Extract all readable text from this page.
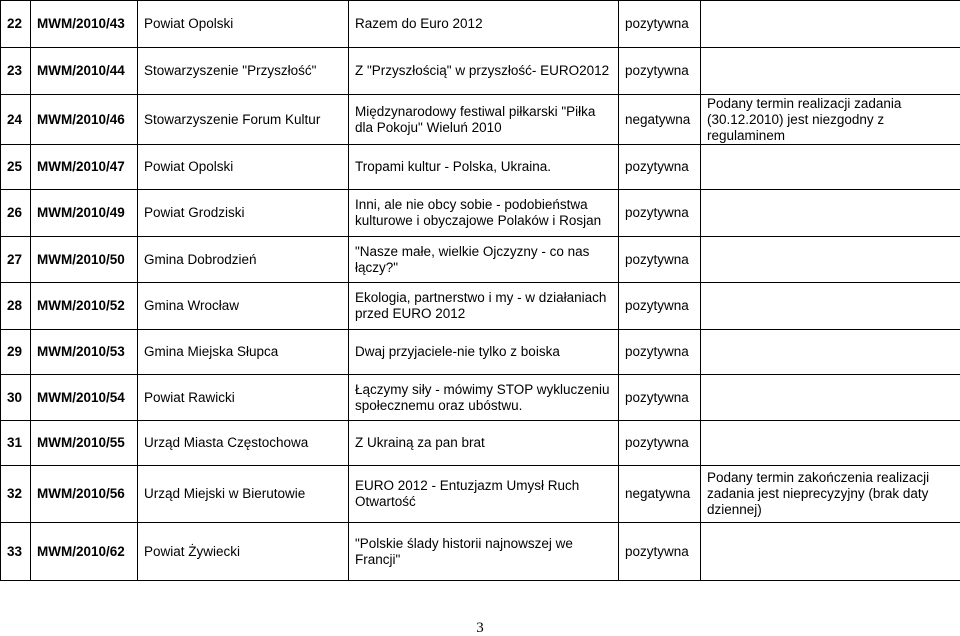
22	MWM/2010/43	Powiat Opolski	Razem do Euro 2012	pozytywna	
23	MWM/2010/44	Stowarzyszenie "Przyszłość"	Z "Przyszłością" w przyszłość- EURO2012	pozytywna	
24	MWM/2010/46	Stowarzyszenie Forum Kultur	Międzynarodowy festiwal piłkarski "Piłka dla Pokoju" Wieluń 2010	negatywna	Podany termin realizacji zadania (30.12.2010) jest niezgodny z regulaminem
25	MWM/2010/47	Powiat Opolski	Tropami kultur - Polska, Ukraina.	pozytywna	
26	MWM/2010/49	Powiat Grodziski	Inni, ale nie obcy sobie - podobieństwa kulturowe i obyczajowe Polaków i Rosjan	pozytywna	
27	MWM/2010/50	Gmina Dobrodzień	"Nasze małe, wielkie Ojczyzny - co nas łączy?"	pozytywna	
28	MWM/2010/52	Gmina Wrocław	Ekologia, partnerstwo i my - w działaniach przed EURO 2012	pozytywna	
29	MWM/2010/53	Gmina Miejska Słupca	Dwaj przyjaciele-nie tylko z boiska	pozytywna	
30	MWM/2010/54	Powiat Rawicki	Łączymy siły - mówimy STOP wykluczeniu społecznemu oraz ubóstwu.	pozytywna	
31	MWM/2010/55	Urząd Miasta Częstochowa	Z Ukrainą za pan brat	pozytywna	
32	MWM/2010/56	Urząd Miejski w Bierutowie	EURO 2012 - Entuzjazm Umysł Ruch Otwartość	negatywna	Podany termin zakończenia realizacji zadania jest nieprecyzyjny (brak daty dziennej)
33	MWM/2010/62	Powiat Żywiecki	"Polskie ślady historii najnowszej we Francji"	pozytywna	
3
